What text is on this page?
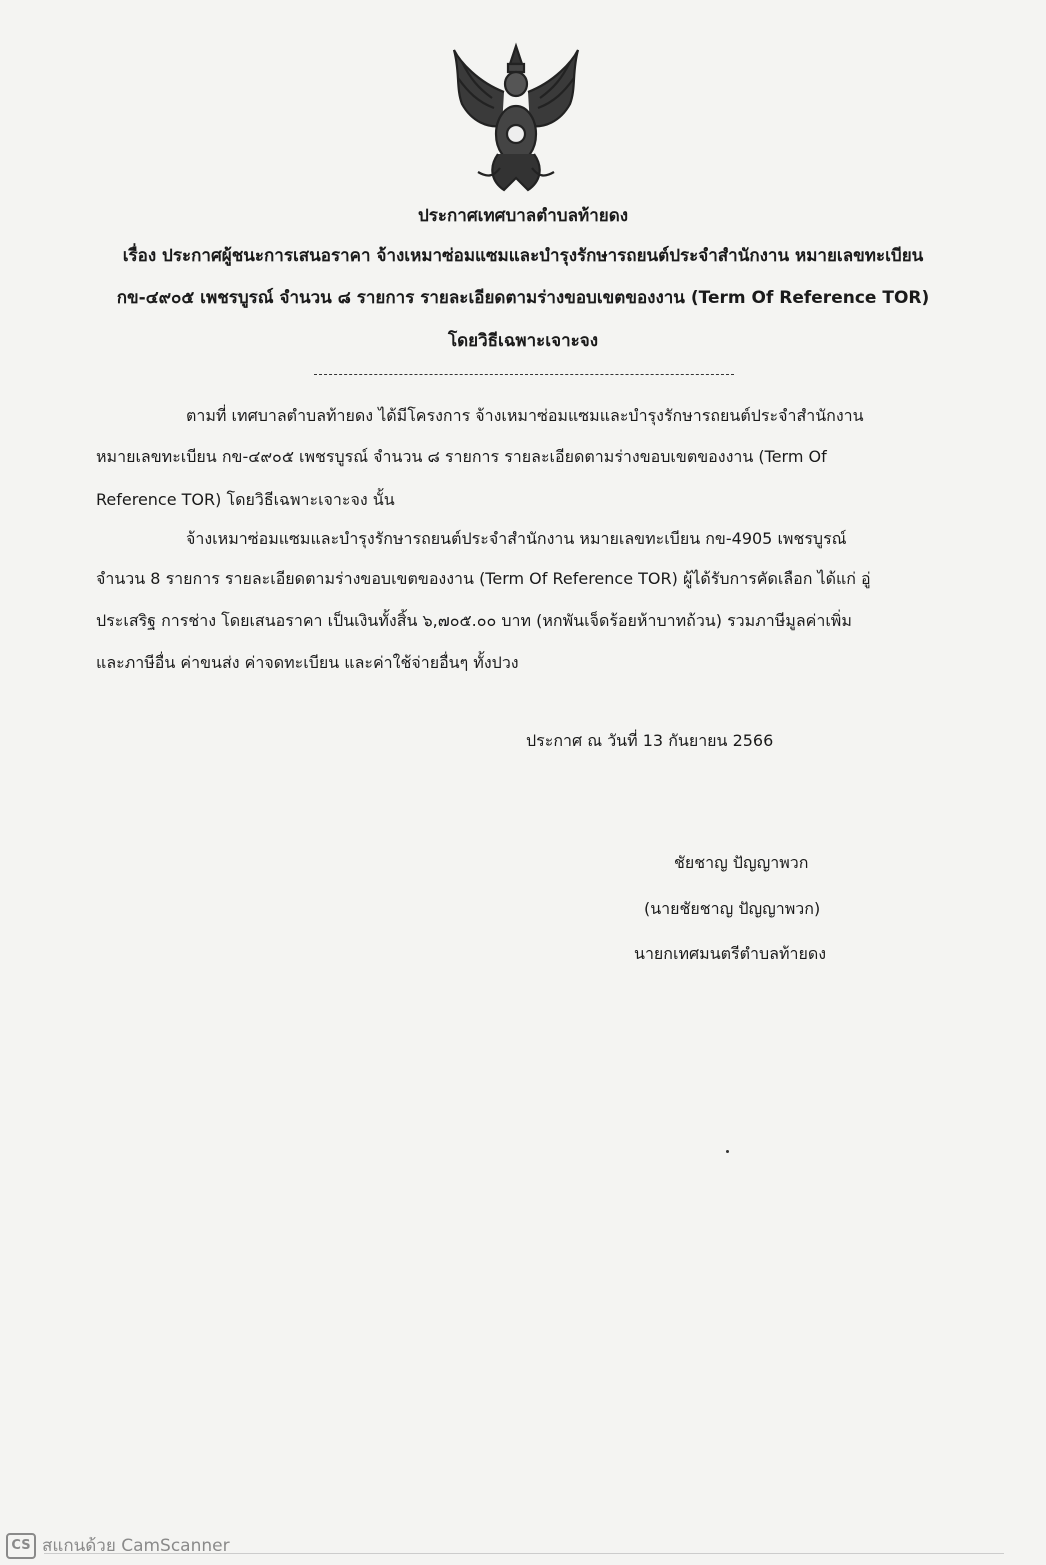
ประกาศเทศบาลตำบลท้ายดง
เรื่อง ประกาศผู้ชนะการเสนอราคา จ้างเหมาซ่อมแซมและบำรุงรักษารถยนต์ประจำสำนักงาน หมายเลขทะเบียน
กข-๔๙๐๕ เพชรบูรณ์ จำนวน ๘ รายการ รายละเอียดตามร่างขอบเขตของงาน (Term Of Reference TOR)
โดยวิธีเฉพาะเจาะจง
ตามที่ เทศบาลตำบลท้ายดง ได้มีโครงการ จ้างเหมาซ่อมแซมและบำรุงรักษารถยนต์ประจำสำนักงาน
หมายเลขทะเบียน กข-๔๙๐๕ เพชรบูรณ์ จำนวน ๘ รายการ รายละเอียดตามร่างขอบเขตของงาน (Term Of
Reference TOR) โดยวิธีเฉพาะเจาะจง นั้น
จ้างเหมาซ่อมแซมและบำรุงรักษารถยนต์ประจำสำนักงาน หมายเลขทะเบียน กข-4905 เพชรบูรณ์
จำนวน 8 รายการ รายละเอียดตามร่างขอบเขตของงาน (Term Of Reference TOR) ผู้ได้รับการคัดเลือก ได้แก่ อู่
ประเสริฐ การช่าง โดยเสนอราคา เป็นเงินทั้งสิ้น ๖,๗๐๕.๐๐ บาท (หกพันเจ็ดร้อยห้าบาทถ้วน) รวมภาษีมูลค่าเพิ่ม
และภาษีอื่น ค่าขนส่ง ค่าจดทะเบียน และค่าใช้จ่ายอื่นๆ ทั้งปวง
ประกาศ ณ วันที่ 13 กันยายน 2566
ชัยชาญ ปัญญาพวก
(นายชัยชาญ ปัญญาพวก)
นายกเทศมนตรีตำบลท้ายดง
CS สแกนด้วย CamScanner
